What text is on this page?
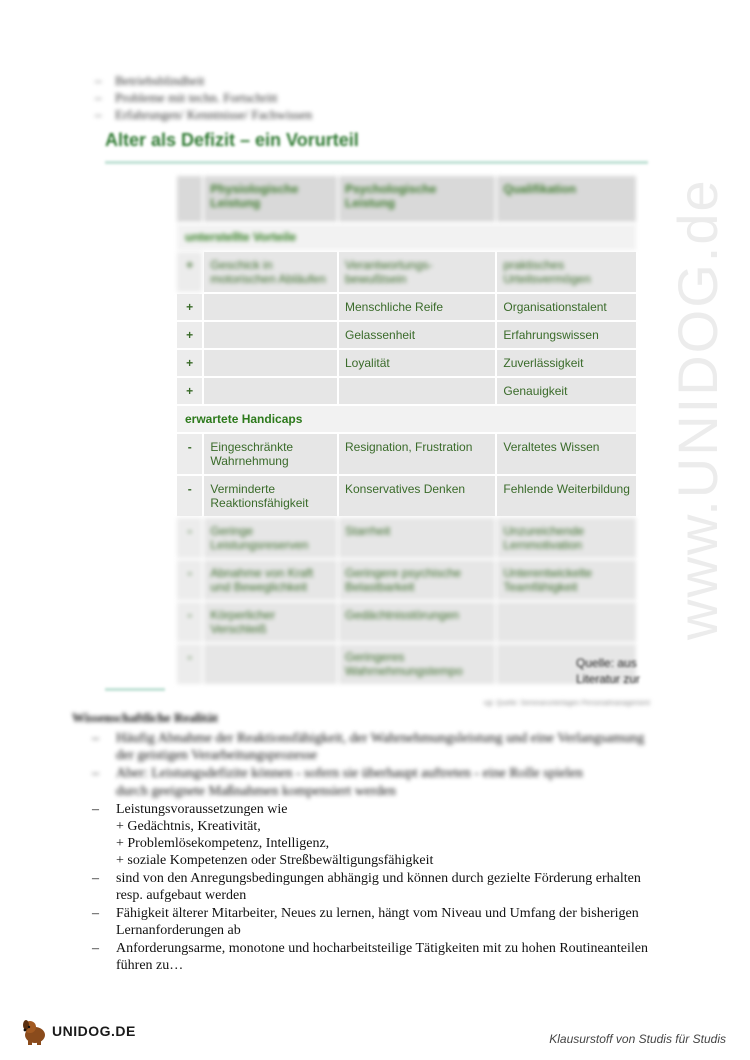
www.UNIDOG.de
–	Betriebsblindheit
–	Probleme mit techn. Fortschritt
–	Erfahrungen/ Kenntnisse/ Fachwissen
Alter als Defizit – ein Vorurteil
	Physiologische Leistung	Psychologische Leistung	Qualifikation
unterstellte Vorteile			
+	Geschick in motorischen Abläufen	Verantwortungs-bewußtsein	praktisches Urteilsvermögen

+		Menschliche Reife	Organisationstalent
+		Gelassenheit	Erfahrungswissen
+		Loyalität	Zuverlässigkeit
+			Genauigkeit
erwartete Handicaps			
-	Eingeschränkte Wahrnehmung	Resignation, Frustration	Veraltetes Wissen
-	Verminderte Reaktionsfähigkeit	Konservatives Denken	Fehlende Weiterbildung
-	Geringe Leistungsreserven	Starrheit	Unzureichende Lernmotivation
-	Abnahme von Kraft und Beweglichkeit	Geringere psychische Belastbarkeit	Unterentwickelte Teamfähigkeit
-	Körperlicher Verschleiß	Gedächtnisstörungen	
-		Geringeres Wahrnehmungstempo	
Quelle: aus Literatur zur
vgl. Quelle: Seminarunterlagen Personalmanagement
Wissenschaftliche Realität
–	Häufig Abnahme der Reaktionsfähigkeit, der Wahrnehmungsleistung und eine Verlangsamung der geistigen Verarbeitungsprozesse
–	Aber: Leistungsdefizite können - sofern sie überhaupt auftreten - eine Rolle spielen
durch geeignete Maßnahmen kompensiert werden
–	Leistungsvoraussetzungen wie
+ Gedächtnis, Kreativität,
+ Problemlösekompetenz, Intelligenz,
+ soziale Kompetenzen oder Streßbewältigungsfähigkeit
–	sind von den Anregungsbedingungen abhängig und können durch gezielte Förderung erhalten resp. aufgebaut werden
–	Fähigkeit älterer Mitarbeiter, Neues zu lernen, hängt vom Niveau und Umfang der bisherigen Lernanforderungen ab
–	Anforderungsarme, monotone und hocharbeitsteilige Tätigkeiten mit zu hohen Routineanteilen führen zu…
UNIDOG.DE	Klausurstoff von Studis für Studis
